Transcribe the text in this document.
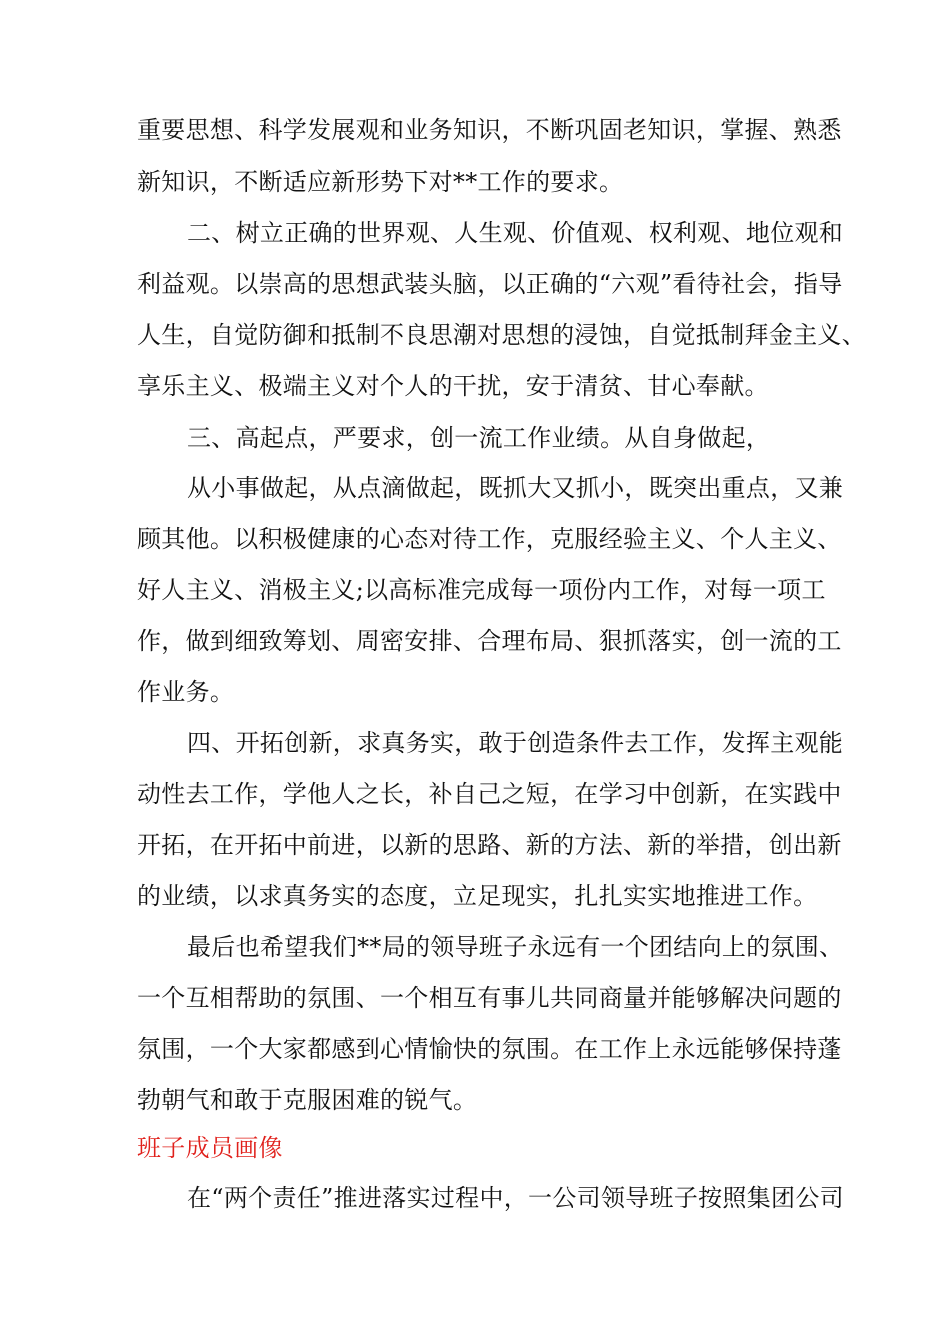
重要思想、科学发展观和业务知识，不断巩固老知识，掌握、熟悉
新知识，不断适应新形势下对**工作的要求。
二、树立正确的世界观、人生观、价值观、权利观、地位观和
利益观。以崇高的思想武装头脑，以正确的“六观”看待社会，指导
人生，自觉防御和抵制不良思潮对思想的浸蚀，自觉抵制拜金主义、
享乐主义、极端主义对个人的干扰，安于清贫、甘心奉献。
三、高起点，严要求，创一流工作业绩。从自身做起，
从小事做起，从点滴做起，既抓大又抓小，既突出重点，又兼
顾其他。以积极健康的心态对待工作，克服经验主义、个人主义、
好人主义、消极主义;以高标准完成每一项份内工作，对每一项工
作，做到细致筹划、周密安排、合理布局、狠抓落实，创一流的工
作业务。
四、开拓创新，求真务实，敢于创造条件去工作，发挥主观能
动性去工作，学他人之长，补自己之短，在学习中创新，在实践中
开拓，在开拓中前进，以新的思路、新的方法、新的举措，创出新
的业绩，以求真务实的态度，立足现实，扎扎实实地推进工作。
最后也希望我们**局的领导班子永远有一个团结向上的氛围、
一个互相帮助的氛围、一个相互有事儿共同商量并能够解决问题的
氛围，一个大家都感到心情愉快的氛围。在工作上永远能够保持蓬
勃朝气和敢于克服困难的锐气。
班子成员画像
在“两个责任”推进落实过程中，一公司领导班子按照集团公司
